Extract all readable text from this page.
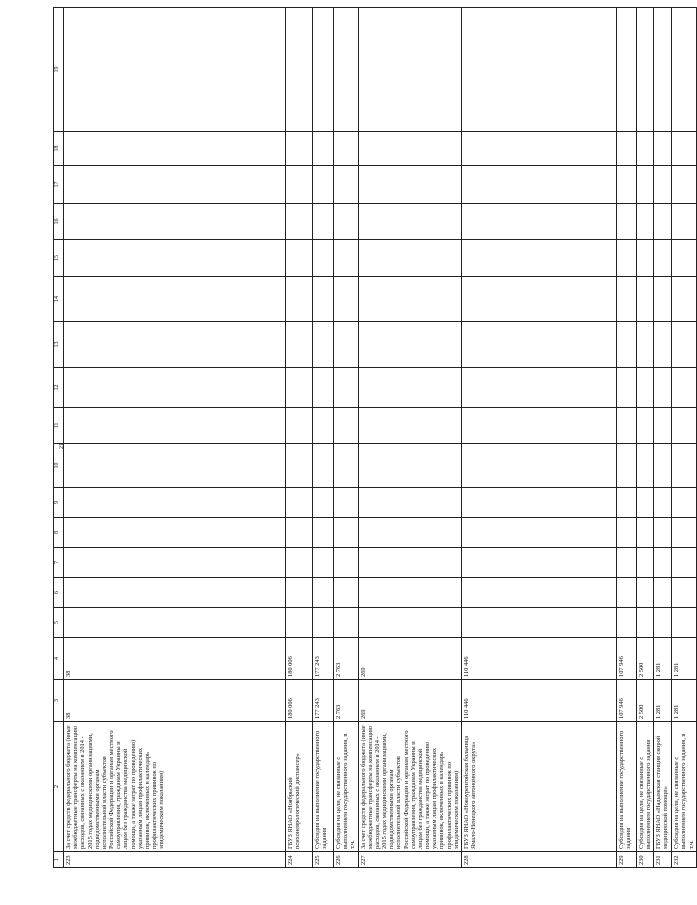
21
1	2	3	4	5	6	7	8	9	10	11	12	13	14	15	16	17	18	19
223	За счет средств федерального бюджета (иные межбюджетные трансферты на компенсацию расходов, связанных с оказанием в 2014 - 2015 годах медицинскими организациями, подведомственными органам исполнительной власти субъектов Российской Федерации и органам местного самоуправления, гражданам Украины и лицам без гражданства медицинской помощи, а также затрат по проведению) указанным лицам профилактических прививок, включенных в календарь профилактических прививок по эпидемическим показаниям)	38	38															
224	ГБУЗ ЯНАО «Ноябрьский психоневрологический диспансер»	180 006	180 006															
225	Субсидия на выполнение государственного задания	177 243	177 243															
226	Субсидия на цели, не связанные с выполнением государственного задания, в т.ч.	2 763	2 763															
227	За счет средств федерального бюджета (иные межбюджетные трансферты на компенсацию расходов, связанных с оказанием в 2014 - 2015 годах медицинскими организациями, подведомственными органам исполнительной власти субъектов Российской Федерации и органам местного самоуправления, гражданам Украины и лицам без гражданства медицинской помощи, а также затрат по проведению указанным лицам профилактических прививок, включенных в календарь профилактических прививок по эпидемическим показаниям)	269	269															
228	ГБУЗ ЯНАО «Новоуренгойская больница Ямало-Ненецкого автономного округа»	110 446	110 446															
229	Субсидия на выполнение государственного задания	107 946	107 946															
230	Субсидия на цели, не связанные с выполнением государственного задания	2 500	2 500															
231	ГБУЗ ЯНАО «Надымская станция скорой медицинской помощи»	1 281	1 281															
232	Субсидия на цели, не связанные с выполнением государственного задания, в т.ч.	1 281	1 281															
